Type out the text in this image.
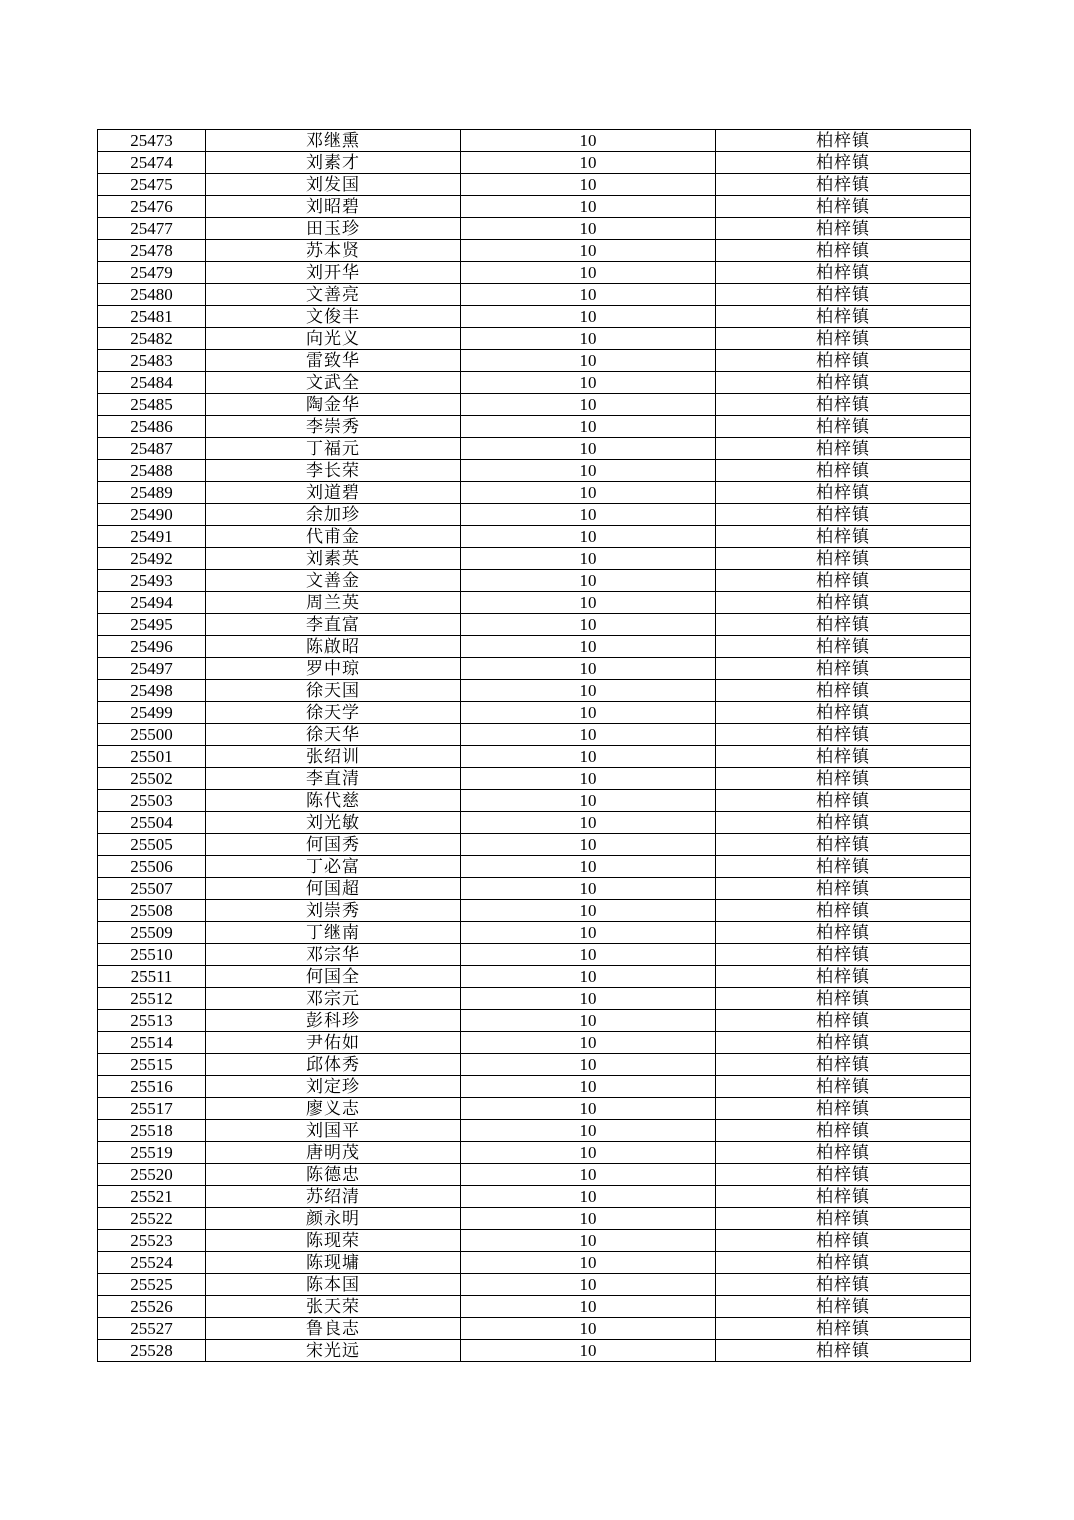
25473	邓继熏	10	柏梓镇
25474	刘素才	10	柏梓镇
25475	刘发国	10	柏梓镇
25476	刘昭碧	10	柏梓镇
25477	田玉珍	10	柏梓镇
25478	苏本贤	10	柏梓镇
25479	刘开华	10	柏梓镇
25480	文善亮	10	柏梓镇
25481	文俊丰	10	柏梓镇
25482	向光义	10	柏梓镇
25483	雷致华	10	柏梓镇
25484	文武全	10	柏梓镇
25485	陶金华	10	柏梓镇
25486	李崇秀	10	柏梓镇
25487	丁福元	10	柏梓镇
25488	李长荣	10	柏梓镇
25489	刘道碧	10	柏梓镇
25490	余加珍	10	柏梓镇
25491	代甫金	10	柏梓镇
25492	刘素英	10	柏梓镇
25493	文善金	10	柏梓镇
25494	周兰英	10	柏梓镇
25495	李直富	10	柏梓镇
25496	陈啟昭	10	柏梓镇
25497	罗中琼	10	柏梓镇
25498	徐天国	10	柏梓镇
25499	徐天学	10	柏梓镇
25500	徐天华	10	柏梓镇
25501	张绍训	10	柏梓镇
25502	李直清	10	柏梓镇
25503	陈代慈	10	柏梓镇
25504	刘光敏	10	柏梓镇
25505	何国秀	10	柏梓镇
25506	丁必富	10	柏梓镇
25507	何国超	10	柏梓镇
25508	刘崇秀	10	柏梓镇
25509	丁继南	10	柏梓镇
25510	邓宗华	10	柏梓镇
25511	何国全	10	柏梓镇
25512	邓宗元	10	柏梓镇
25513	彭科珍	10	柏梓镇
25514	尹佑如	10	柏梓镇
25515	邱体秀	10	柏梓镇
25516	刘定珍	10	柏梓镇
25517	廖义志	10	柏梓镇
25518	刘国平	10	柏梓镇
25519	唐明茂	10	柏梓镇
25520	陈德忠	10	柏梓镇
25521	苏绍清	10	柏梓镇
25522	颜永明	10	柏梓镇
25523	陈现荣	10	柏梓镇
25524	陈现墉	10	柏梓镇
25525	陈本国	10	柏梓镇
25526	张天荣	10	柏梓镇
25527	鲁良志	10	柏梓镇
25528	宋光远	10	柏梓镇
